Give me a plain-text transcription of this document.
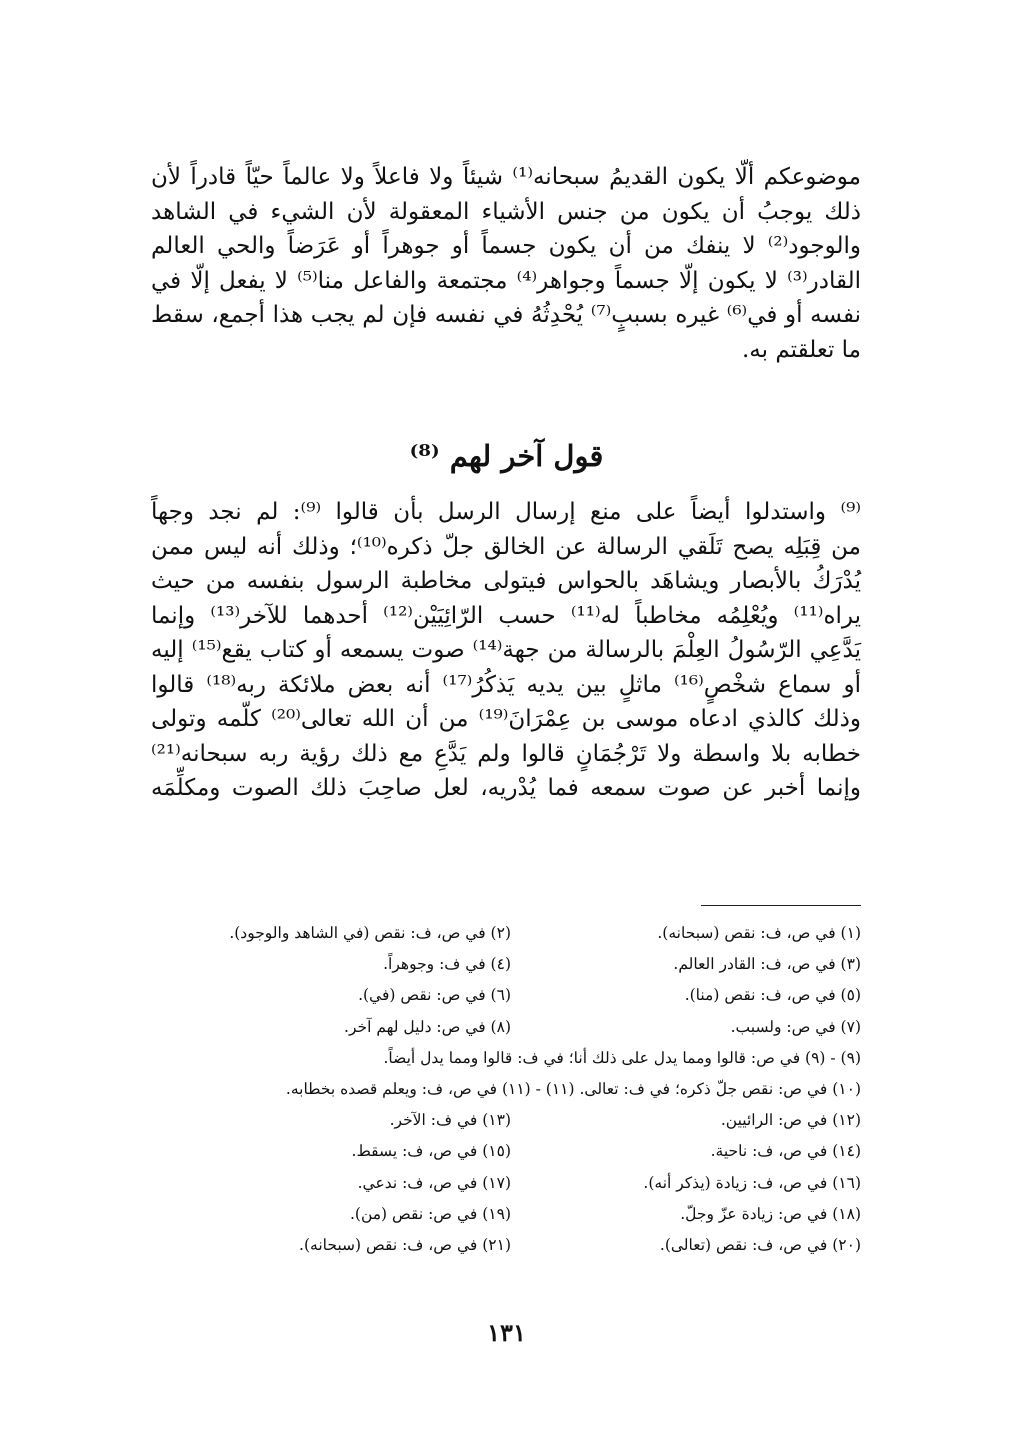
موضوعكم ألّا يكون القديمُ سبحانه⁽¹⁾ شيئاً ولا فاعلاً ولا عالماً حيّاً قادراً لأن
ذلك يوجبُ أن يكون من جنس الأشياء المعقولة لأن الشيء في الشاهد
والوجود⁽²⁾ لا ينفك من أن يكون جسماً أو جوهراً أو عَرَضاً والحي العالم
القادر⁽³⁾ لا يكون إلّا جسماً وجواهر⁽⁴⁾ مجتمعة والفاعل منا⁽⁵⁾ لا يفعل إلّا في
نفسه أو في⁽⁶⁾ غيره بسببٍ⁽⁷⁾ يُحْدِثُهُ في نفسه فإن لم يجب هذا أجمع، سقط
ما تعلقتم به.
قول آخر لهم ⁽⁸⁾
⁽⁹⁾ واستدلوا أيضاً على منع إرسال الرسل بأن قالوا ⁽⁹⁾: لم نجد وجهاً
من قِبَلِه يصح تَلَقي الرسالة عن الخالق جلّ ذكره⁽¹⁰⁾؛ وذلك أنه ليس ممن
يُدْرَكُ بالأبصار ويشاهَد بالحواس فيتولى مخاطبة الرسول بنفسه من حيث
يراه⁽¹¹⁾ ويُعْلِمُه مخاطباً له⁽¹¹⁾ حسب الرّائِيَيْن⁽¹²⁾ أحدهما للآخر⁽¹³⁾ وإنما
يَدَّعِي الرّسُولُ العِلْمَ بالرسالة من جهة⁽¹⁴⁾ صوت يسمعه أو كتاب يقع⁽¹⁵⁾ إليه
أو سماع شخْصٍ⁽¹⁶⁾ ماثلٍ بين يديه يَذكُرُ⁽¹⁷⁾ أنه بعض ملائكة ربه⁽¹⁸⁾ قالوا
وذلك كالذي ادعاه موسى بن عِمْرَانَ⁽¹⁹⁾ من أن الله تعالى⁽²⁰⁾ كلّمه وتولى
خطابه بلا واسطة ولا تَرْجُمَانٍ قالوا ولم يَدَّعِ مع ذلك رؤية ربه سبحانه⁽²¹⁾
وإنما أخبر عن صوت سمعه فما يُدْريه، لعل صاحِبَ ذلك الصوت ومكلِّمَه
(١) في ص، ف: نقص (سبحانه).
(٢) في ص، ف: نقص (في الشاهد والوجود).
(٣) في ص، ف: القادر العالم.
(٤) في ف: وجوهراً.
(٥) في ص، ف: نقص (منا).
(٦) في ص: نقص (في).
(٧) في ص: ولسبب.
(٨) في ص: دليل لهم آخر.
(٩) - (٩) في ص: قالوا ومما يدل على ذلك أنا؛ في ف: قالوا ومما يدل أيضاً.
(١٠) في ص: نقص جلّ ذكره؛ في ف: تعالى. (١١) - (١١) في ص، ف: ويعلم قصده بخطابه.
(١٢) في ص: الرائيين.
(١٣) في ف: الآخر.
(١٤) في ص، ف: ناحية.
(١٥) في ص، ف: يسقط.
(١٦) في ص، ف: زيادة (يذكر أنه).
(١٧) في ص، ف: ندعي.
(١٨) في ص: زيادة عزّ وجلّ.
(١٩) في ص: نقص (من).
(٢٠) في ص، ف: نقص (تعالى).
(٢١) في ص، ف: نقص (سبحانه).
١٣١
